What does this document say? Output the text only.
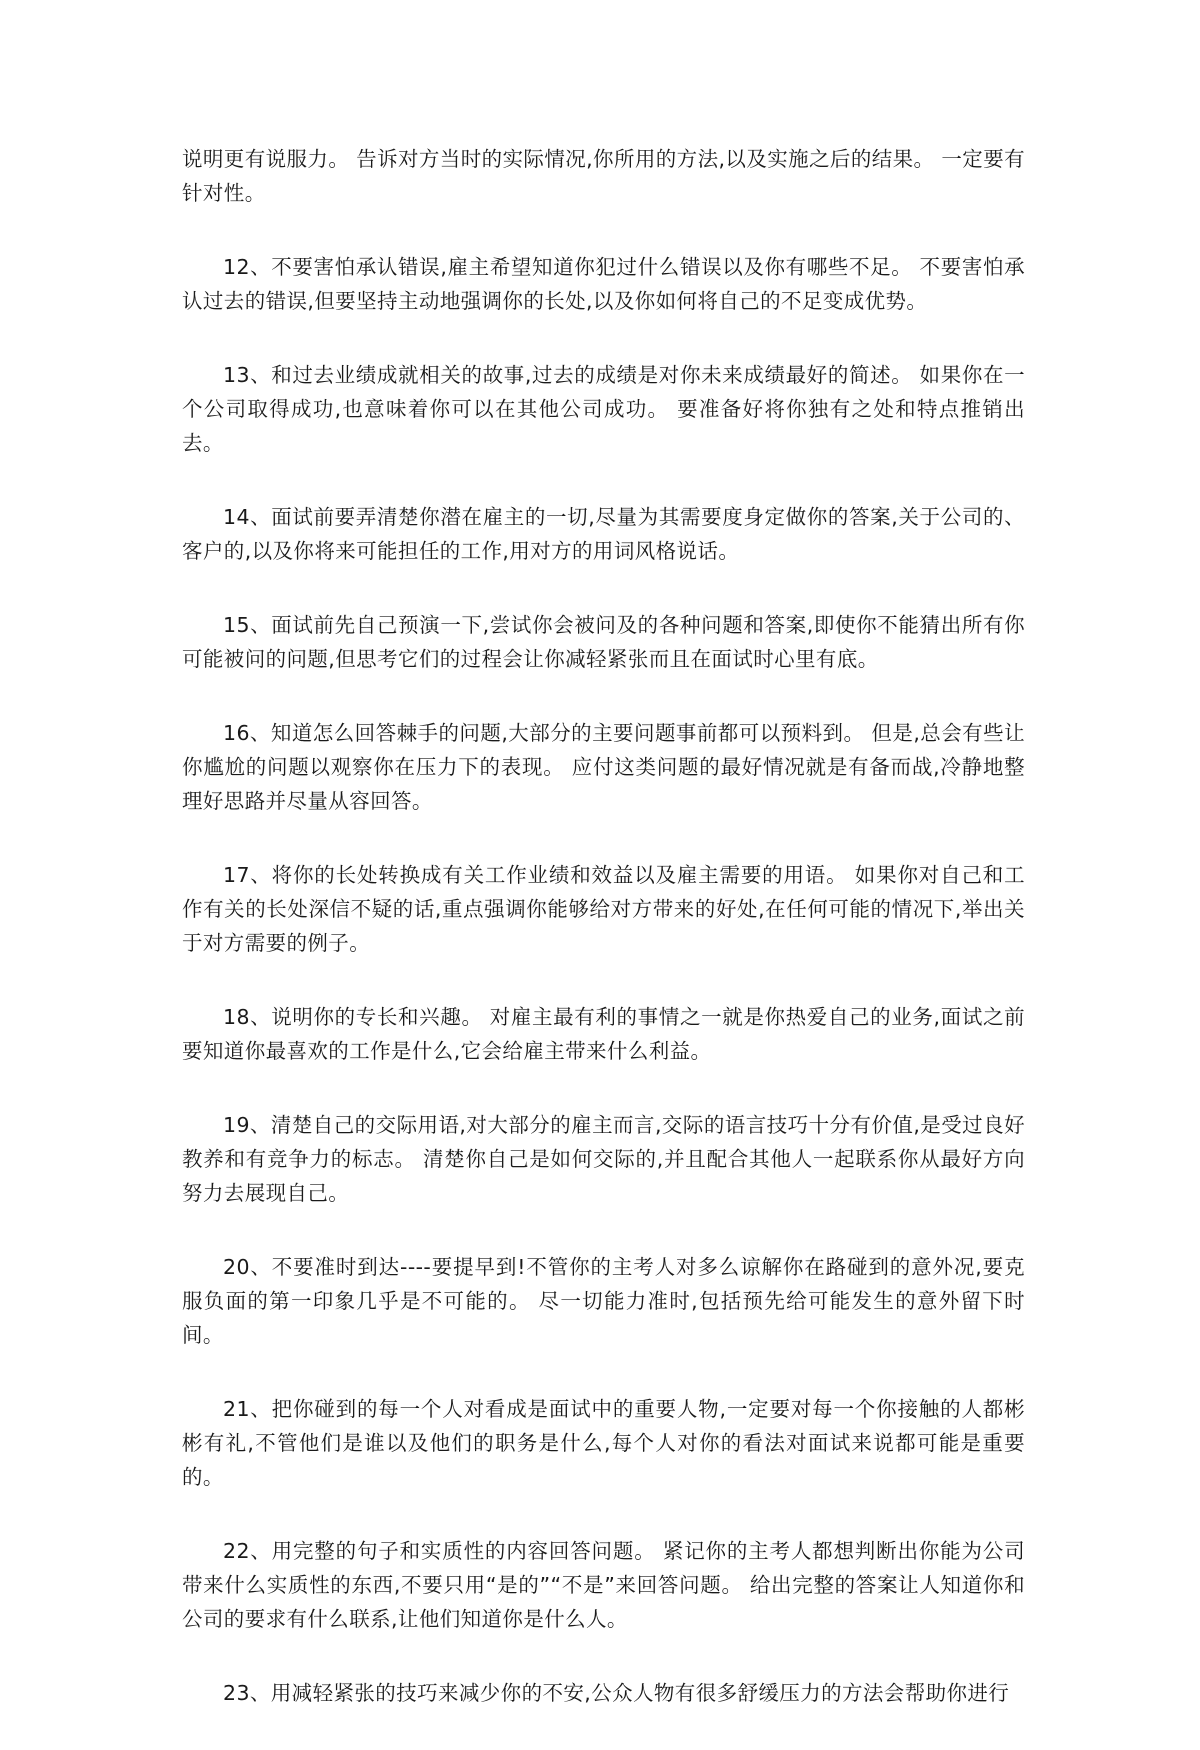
说明更有说服力。 告诉对方当时的实际情况,你所用的方法,以及实施之后的结果。 一定要有针对性。

12、不要害怕承认错误,雇主希望知道你犯过什么错误以及你有哪些不足。 不要害怕承认过去的错误,但要坚持主动地强调你的长处,以及你如何将自己的不足变成优势。

13、和过去业绩成就相关的故事,过去的成绩是对你未来成绩最好的简述。 如果你在一个公司取得成功,也意味着你可以在其他公司成功。 要准备好将你独有之处和特点推销出去。

14、面试前要弄清楚你潜在雇主的一切,尽量为其需要度身定做你的答案,关于公司的、客户的,以及你将来可能担任的工作,用对方的用词风格说话。

15、面试前先自己预演一下,尝试你会被问及的各种问题和答案,即使你不能猜出所有你可能被问的问题,但思考它们的过程会让你减轻紧张而且在面试时心里有底。

16、知道怎么回答棘手的问题,大部分的主要问题事前都可以预料到。 但是,总会有些让你尴尬的问题以观察你在压力下的表现。 应付这类问题的最好情况就是有备而战,冷静地整理好思路并尽量从容回答。

17、将你的长处转换成有关工作业绩和效益以及雇主需要的用语。 如果你对自己和工作有关的长处深信不疑的话,重点强调你能够给对方带来的好处,在任何可能的情况下,举出关于对方需要的例子。

18、说明你的专长和兴趣。 对雇主最有利的事情之一就是你热爱自己的业务,面试之前要知道你最喜欢的工作是什么,它会给雇主带来什么利益。

19、清楚自己的交际用语,对大部分的雇主而言,交际的语言技巧十分有价值,是受过良好教养和有竞争力的标志。 清楚你自己是如何交际的,并且配合其他人一起联系你从最好方向努力去展现自己。

20、不要准时到达----要提早到!不管你的主考人对多么谅解你在路碰到的意外况,要克服负面的第一印象几乎是不可能的。 尽一切能力准时,包括预先给可能发生的意外留下时间。

21、把你碰到的每一个人对看成是面试中的重要人物,一定要对每一个你接触的人都彬彬有礼,不管他们是谁以及他们的职务是什么,每个人对你的看法对面试来说都可能是重要的。

22、用完整的句子和实质性的内容回答问题。 紧记你的主考人都想判断出你能为公司带来什么实质性的东西,不要只用“是的”“不是”来回答问题。 给出完整的答案让人知道你和公司的要求有什么联系,让他们知道你是什么人。

23、用减轻紧张的技巧来减少你的不安,公众人物有很多舒缓压力的方法会帮助你进行
